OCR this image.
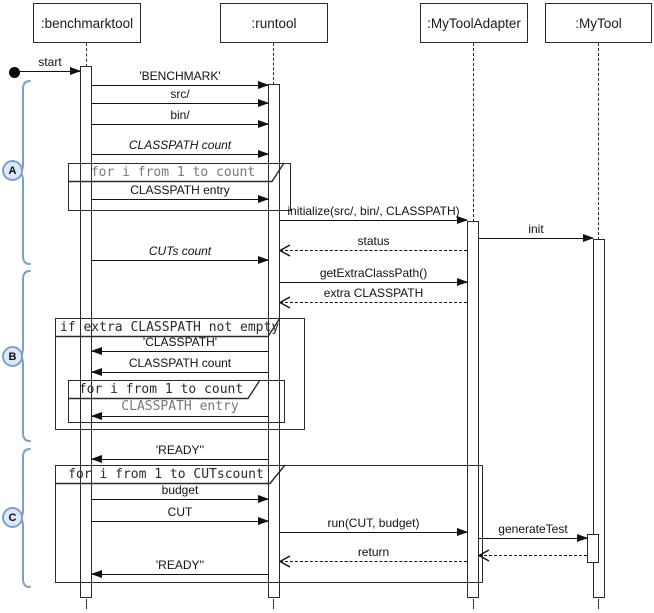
:benchmarktool	:runtool	:MyToolAdapter	:MyTool
for i from 1 to count
if extra CLASSPATH not empty
for i from 1 to count
for i from 1 to CUTscount
start
'BENCHMARK'
src/
bin/
CLASSPATH count
CLASSPATH entry
initialize(src/, bin/, CLASSPATH)
init
status
CUTs count
getExtraClassPath()
extra CLASSPATH
'CLASSPATH'
CLASSPATH count
CLASSPATH entry
'READY''
budget
CUT
run(CUT, budget)	generateTest
return
'READY''
A
B
C
